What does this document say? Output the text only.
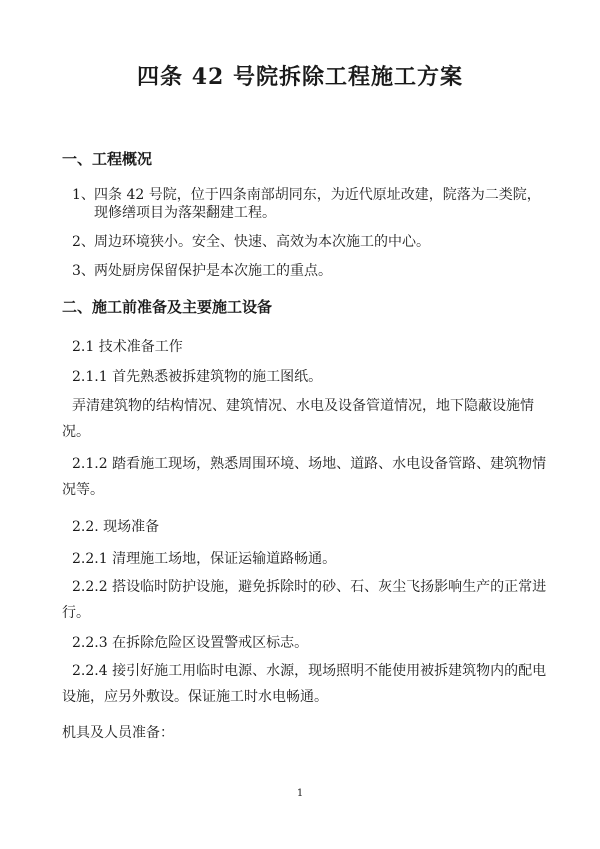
四条 42 号院拆除工程施工方案
一、工程概况
1、四条 42 号院，位于四条南部胡同东，为近代原址改建，院落为二类院，现修缮项目为落架翻建工程。
2、周边环境狭小。安全、快速、高效为本次施工的中心。
3、两处厨房保留保护是本次施工的重点。
二、施工前准备及主要施工设备
2.1 技术准备工作
2.1.1 首先熟悉被拆建筑物的施工图纸。
弄清建筑物的结构情况、建筑情况、水电及设备管道情况，地下隐蔽设施情况。
2.1.2 踏看施工现场，熟悉周围环境、场地、道路、水电设备管路、建筑物情况等。
2.2. 现场准备
2.2.1 清理施工场地，保证运输道路畅通。
2.2.2 搭设临时防护设施，避免拆除时的砂、石、灰尘飞扬影响生产的正常进行。
2.2.3 在拆除危险区设置警戒区标志。
2.2.4 接引好施工用临时电源、水源，现场照明不能使用被拆建筑物内的配电设施，应另外敷设。保证施工时水电畅通。
机具及人员准备：
1
